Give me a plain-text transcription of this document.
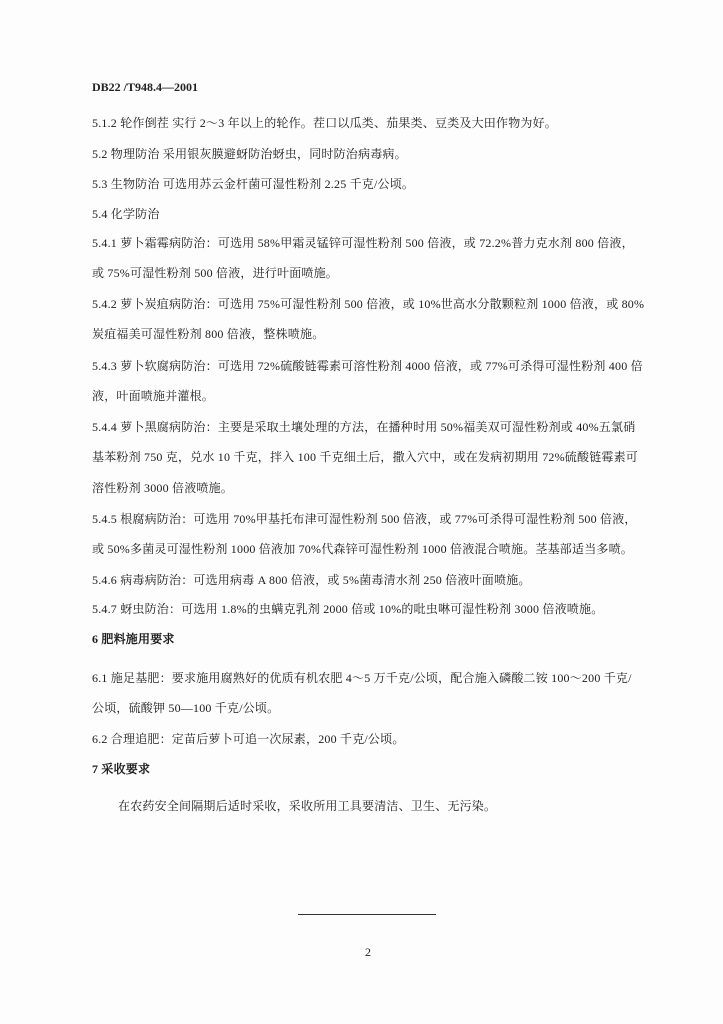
DB22 /T948.4—2001
5.1.2 轮作倒茬 实行 2～3 年以上的轮作。茬口以瓜类、茄果类、豆类及大田作物为好。
5.2 物理防治 采用银灰膜避蚜防治蚜虫，同时防治病毒病。
5.3 生物防治 可选用苏云金杆菌可湿性粉剂 2.25 千克/公顷。
5.4 化学防治
5.4.1 萝卜霜霉病防治：可选用 58%甲霜灵锰锌可湿性粉剂 500 倍液，或 72.2%普力克水剂 800 倍液，
或 75%可湿性粉剂 500 倍液，进行叶面喷施。
5.4.2 萝卜炭疽病防治：可选用 75%可湿性粉剂 500 倍液，或 10%世高水分散颗粒剂 1000 倍液，或 80%
炭疽福美可湿性粉剂 800 倍液，整株喷施。
5.4.3 萝卜软腐病防治：可选用 72%硫酸链霉素可溶性粉剂 4000 倍液，或 77%可杀得可湿性粉剂 400 倍
液，叶面喷施并灌根。
5.4.4 萝卜黑腐病防治：主要是采取土壤处理的方法，在播种时用 50%福美双可湿性粉剂或 40%五氯硝
基苯粉剂 750 克，兑水 10 千克，拌入 100 千克细土后，撒入穴中，或在发病初期用 72%硫酸链霉素可
溶性粉剂 3000 倍液喷施。
5.4.5 根腐病防治：可选用 70%甲基托布津可湿性粉剂 500 倍液，或 77%可杀得可湿性粉剂 500 倍液，
或 50%多菌灵可湿性粉剂 1000 倍液加 70%代森锌可湿性粉剂 1000 倍液混合喷施。茎基部适当多喷。
5.4.6 病毒病防治：可选用病毒 A 800 倍液，或 5%菌毒清水剂 250 倍液叶面喷施。
5.4.7 蚜虫防治：可选用 1.8%的虫螨克乳剂 2000 倍或 10%的吡虫啉可湿性粉剂 3000 倍液喷施。
6 肥料施用要求
6.1 施足基肥：要求施用腐熟好的优质有机农肥 4～5 万千克/公顷，配合施入磷酸二铵 100～200 千克/
公顷，硫酸钾 50—100 千克/公顷。
6.2 合理追肥：定苗后萝卜可追一次尿素，200 千克/公顷。
7 采收要求
在农药安全间隔期后适时采收，采收所用工具要清洁、卫生、无污染。
2
